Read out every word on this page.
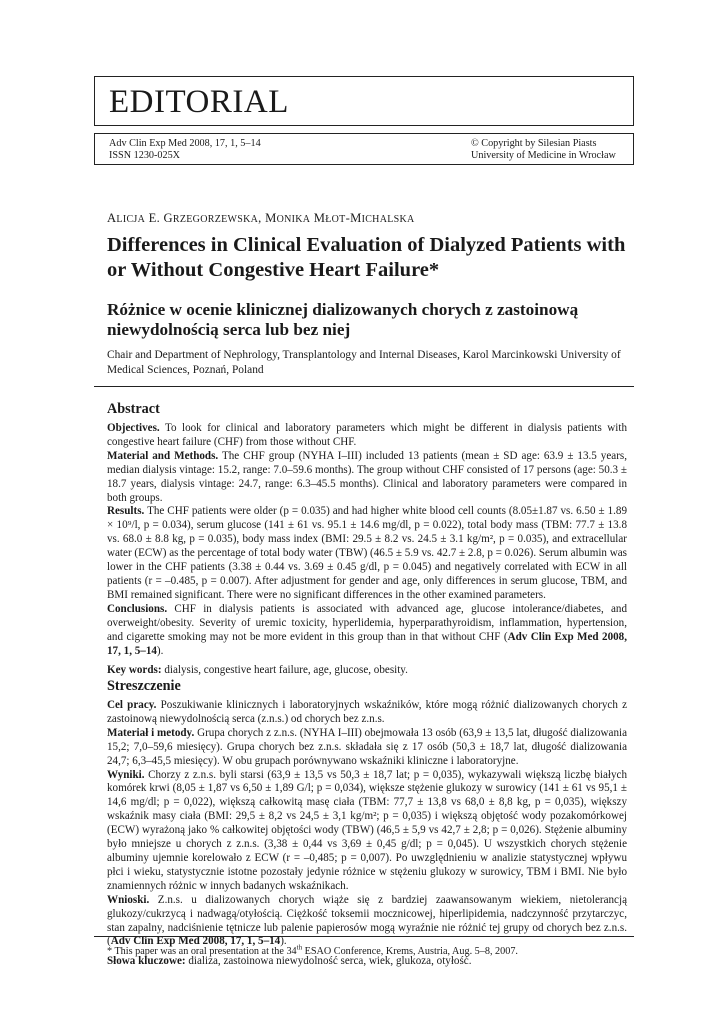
EDITORIAL
Adv Clin Exp Med 2008, 17, 1, 5–14
ISSN 1230-025X
© Copyright by Silesian Piasts
University of Medicine in Wrocław
ALICJA E. GRZEGORZEWSKA, MONIKA MŁOT-MICHALSKA
Differences in Clinical Evaluation of Dialyzed Patients with or Without Congestive Heart Failure*
Różnice w ocenie klinicznej dializowanych chorych z zastoinową niewydolnością serca lub bez niej
Chair and Department of Nephrology, Transplantology and Internal Diseases, Karol Marcinkowski University of Medical Sciences, Poznań, Poland
Abstract

Objectives. To look for clinical and laboratory parameters which might be different in dialysis patients with congestive heart failure (CHF) from those without CHF.
Material and Methods. The CHF group (NYHA I–III) included 13 patients (mean ± SD age: 63.9 ± 13.5 years, median dialysis vintage: 15.2, range: 7.0–59.6 months). The group without CHF consisted of 17 persons (age: 50.3 ± 18.7 years, dialysis vintage: 24.7, range: 6.3–45.5 months). Clinical and laboratory parameters were compared in both groups.
Results. The CHF patients were older (p = 0.035) and had higher white blood cell counts (8.05±1.87 vs. 6.50 ± 1.89 × 10⁹/l, p = 0.034), serum glucose (141 ± 61 vs. 95.1 ± 14.6 mg/dl, p = 0.022), total body mass (TBM: 77.7 ± 13.8 vs. 68.0 ± 8.8 kg, p = 0.035), body mass index (BMI: 29.5 ± 8.2 vs. 24.5 ± 3.1 kg/m², p = 0.035), and extracellular water (ECW) as the percentage of total body water (TBW) (46.5 ± 5.9 vs. 42.7 ± 2.8, p = 0.026). Serum albumin was lower in the CHF patients (3.38 ± 0.44 vs. 3.69 ± 0.45 g/dl, p = 0.045) and negatively correlated with ECW in all patients (r = –0.485, p = 0.007). After adjustment for gender and age, only differences in serum glucose, TBM, and BMI remained significant. There were no significant differences in the other examined parameters.
Conclusions. CHF in dialysis patients is associated with advanced age, glucose intolerance/diabetes, and overweight/obesity. Severity of uremic toxicity, hyperlidemia, hyperparathyroidism, inflammation, hypertension, and cigarette smoking may not be more evident in this group than in that without CHF (Adv Clin Exp Med 2008, 17, 1, 5–14).

Key words: dialysis, congestive heart failure, age, glucose, obesity.
Streszczenie

Cel pracy. Poszukiwanie klinicznych i laboratoryjnych wskaźników, które mogą różnić dializowanych chorych z zastoinową niewydolnością serca (z.n.s.) od chorych bez z.n.s.
Materiał i metody. Grupa chorych z z.n.s. (NYHA I–III) obejmowała 13 osób (63,9 ± 13,5 lat, długość dializowania 15,2; 7,0–59,6 miesięcy). Grupa chorych bez z.n.s. składała się z 17 osób (50,3 ± 18,7 lat, długość dializowania 24,7; 6,3–45,5 miesięcy). W obu grupach porównywano wskaźniki kliniczne i laboratoryjne.
Wyniki. Chorzy z z.n.s. byli starsi (63,9 ± 13,5 vs 50,3 ± 18,7 lat; p = 0,035), wykazywali większą liczbę białych komórek krwi (8,05 ± 1,87 vs 6,50 ± 1,89 G/l; p = 0,034), większe stężenie glukozy w surowicy (141 ± 61 vs 95,1 ± 14,6 mg/dl; p = 0,022), większą całkowitą masę ciała (TBM: 77,7 ± 13,8 vs 68,0 ± 8,8 kg, p = 0,035), większy wskaźnik masy ciała (BMI: 29,5 ± 8,2 vs 24,5 ± 3,1 kg/m²; p = 0,035) i większą objętość wody pozakomórkowej (ECW) wyrażoną jako % całkowitej objętości wody (TBW) (46,5 ± 5,9 vs 42,7 ± 2,8; p = 0,026). Stężenie albuminy było mniejsze u chorych z z.n.s. (3,38 ± 0,44 vs 3,69 ± 0,45 g/dl; p = 0,045). U wszystkich chorych stężenie albuminy ujemnie korelowało z ECW (r = –0,485; p = 0,007). Po uwzględnieniu w analizie statystycznej wpływu płci i wieku, statystycznie istotne pozostały jedynie różnice w stężeniu glukozy w surowicy, TBM i BMI. Nie było znamiennych różnic w innych badanych wskaźnikach.
Wnioski. Z.n.s. u dializowanych chorych wiąże się z bardziej zaawansowanym wiekiem, nietolerancją glukozy/cukrzycą i nadwagą/otyłością. Ciężkość toksemii mocznicowej, hiperlipidemia, nadczynność przytarczyc, stan zapalny, nadciśnienie tętnicze lub palenie papierosów mogą wyraźnie nie różnić tej grupy od chorych bez z.n.s. (Adv Clin Exp Med 2008, 17, 1, 5–14).

Słowa kluczowe: dializa, zastoinowa niewydolność serca, wiek, glukoza, otyłość.
* This paper was an oral presentation at the 34th ESAO Conference, Krems, Austria, Aug. 5–8, 2007.
